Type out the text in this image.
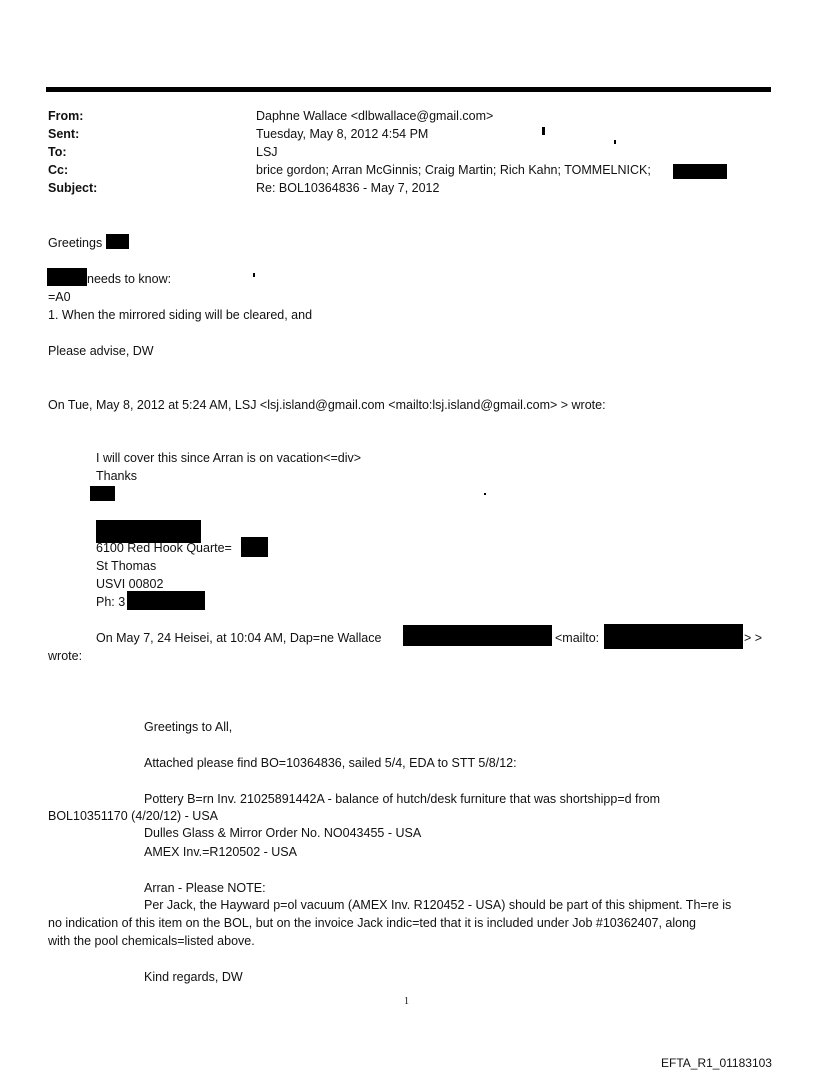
From:	Daphne Wallace <dlbwallace@gmail.com>
Sent:	Tuesday, May 8, 2012 4:54 PM
To:	LSJ
Cc:	brice gordon; Arran McGinnis; Craig Martin; Rich Kahn; TOMMELNICK;
Subject:	Re: BOL10364836 - May 7, 2012
Greetings
needs to know:
=A0
1. When the mirrored siding will be cleared, and
Please advise, DW
On Tue, May 8, 2012 at 5:24 AM, LSJ <lsj.island@gmail.com <mailto:lsj.island@gmail.com> > wrote:
I will cover this since Arran is on vacation<=div>
Thanks
6100 Red Hook Quarte=
St Thomas
USVI 00802
Ph: 3
On May 7, 24 Heisei, at 10:04 AM, Dap=ne Wallace	<mailto:	> >
wrote:
Greetings to All,
Attached please find BO=10364836, sailed 5/4, EDA to STT 5/8/12:
Pottery B=rn Inv. 21025891442A - balance of hutch/desk furniture that was shortshipp=d from
BOL10351170 (4/20/12) - USA
Dulles Glass & Mirror Order No. NO043455 - USA
AMEX Inv.=R120502 - USA
Arran - Please NOTE:
Per Jack, the Hayward p=ol vacuum (AMEX Inv. R120452 - USA) should be part of this shipment. Th=re is
no indication of this item on the BOL, but on the invoice Jack indic=ted that it is included under Job #10362407, along
with the pool chemicals=listed above.
Kind regards, DW
1
EFTA_R1_01183103
